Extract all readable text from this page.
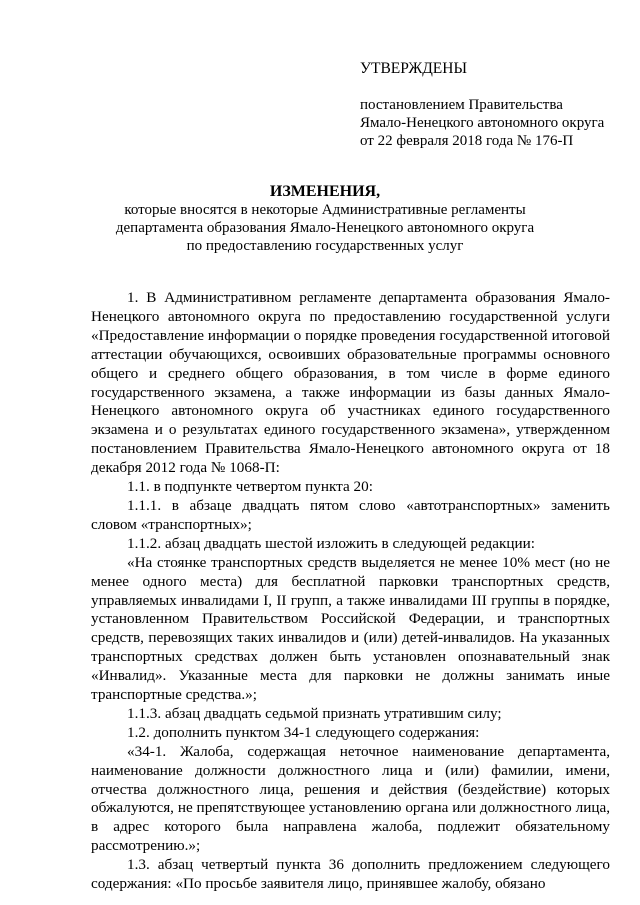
УТВЕРЖДЕНЫ
постановлением Правительства
Ямало-Ненецкого автономного округа
от 22 февраля 2018 года № 176-П
ИЗМЕНЕНИЯ,
которые вносятся в некоторые Административные регламенты
департамента образования Ямало-Ненецкого автономного округа
по предоставлению государственных услуг

1. В Административном регламенте департамента образования Ямало-Ненецкого автономного округа по предоставлению государственной услуги «Предоставление информации о порядке проведения государственной итоговой аттестации обучающихся, освоивших образовательные программы основного общего и среднего общего образования, в том числе в форме единого государственного экзамена, а также информации из базы данных Ямало-Ненецкого автономного округа об участниках единого государственного экзамена и о результатах единого государственного экзамена», утвержденном постановлением Правительства Ямало-Ненецкого автономного округа от 18 декабря 2012 года № 1068-П:

1.1. в подпункте четвертом пункта 20:

1.1.1. в абзаце двадцать пятом слово «автотранспортных» заменить словом «транспортных»;

1.1.2. абзац двадцать шестой изложить в следующей редакции:

«На стоянке транспортных средств выделяется не менее 10% мест (но не менее одного места) для бесплатной парковки транспортных средств, управляемых инвалидами I, II групп, а также инвалидами III группы в порядке, установленном Правительством Российской Федерации, и транспортных средств, перевозящих таких инвалидов и (или) детей-инвалидов. На указанных транспортных средствах должен быть установлен опознавательный знак «Инвалид». Указанные места для парковки не должны занимать иные транспортные средства.»;

1.1.3. абзац двадцать седьмой признать утратившим силу;

1.2. дополнить пунктом 34-1 следующего содержания:

«34-1. Жалоба, содержащая неточное наименование департамента, наименование должности должностного лица и (или) фамилии, имени, отчества должностного лица, решения и действия (бездействие) которых обжалуются, не препятствующее установлению органа или должностного лица, в адрес которого была направлена жалоба, подлежит обязательному рассмотрению.»;

1.3. абзац четвертый пункта 36 дополнить предложением следующего содержания: «По просьбе заявителя лицо, принявшее жалобу, обязано
